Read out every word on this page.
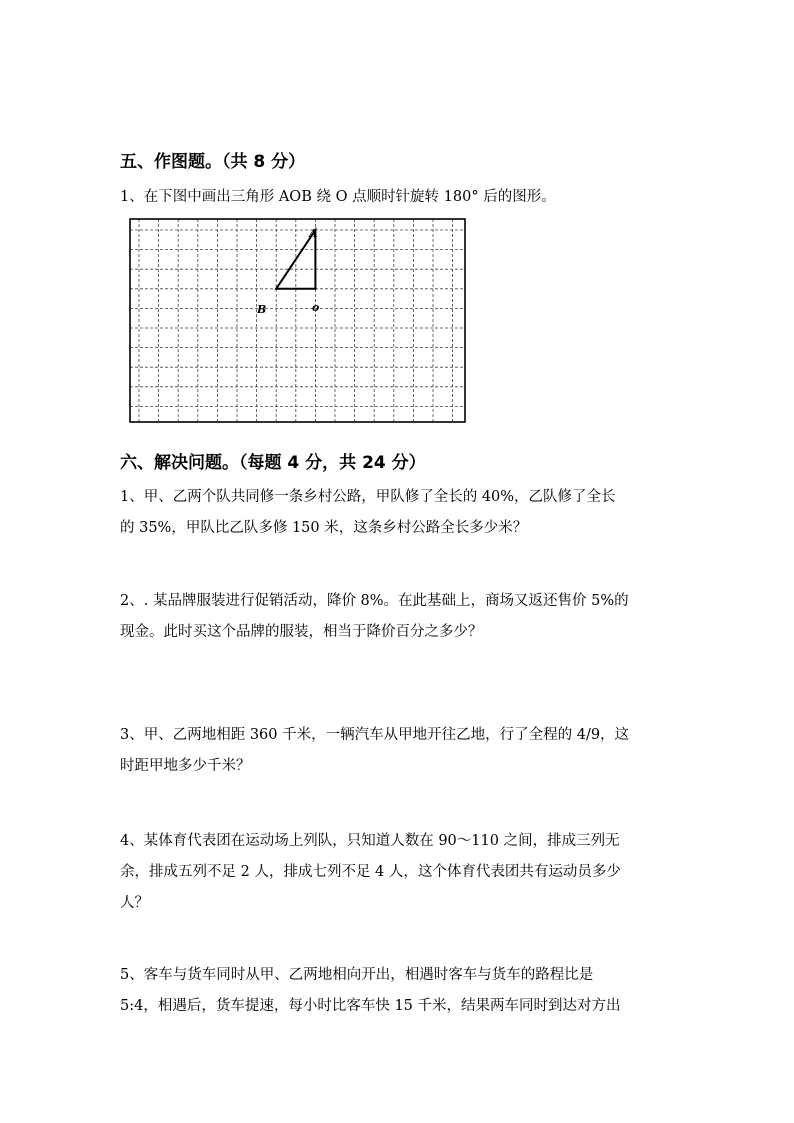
五、作图题。（共 8 分）
1、在下图中画出三角形 AOB 绕 O 点顺时针旋转 180° 后的图形。
A
B	o
六、解决问题。（每题 4 分，共 24 分）
1、甲、乙两个队共同修一条乡村公路，甲队修了全长的 40%，乙队修了全长
的 35%，甲队比乙队多修 150 米，这条乡村公路全长多少米？
2、. 某品牌服装进行促销活动，降价 8%。在此基础上，商场又返还售价 5%的
现金。此时买这个品牌的服装，相当于降价百分之多少？
3、甲、乙两地相距 360 千米，一辆汽车从甲地开往乙地，行了全程的 4/9，这
时距甲地多少千米？
4、某体育代表团在运动场上列队，只知道人数在 90～110 之间，排成三列无
余，排成五列不足 2 人，排成七列不足 4 人，这个体育代表团共有运动员多少
人？
5、客车与货车同时从甲、乙两地相向开出，相遇时客车与货车的路程比是
5:4，相遇后，货车提速，每小时比客车快 15 千米，结果两车同时到达对方出
